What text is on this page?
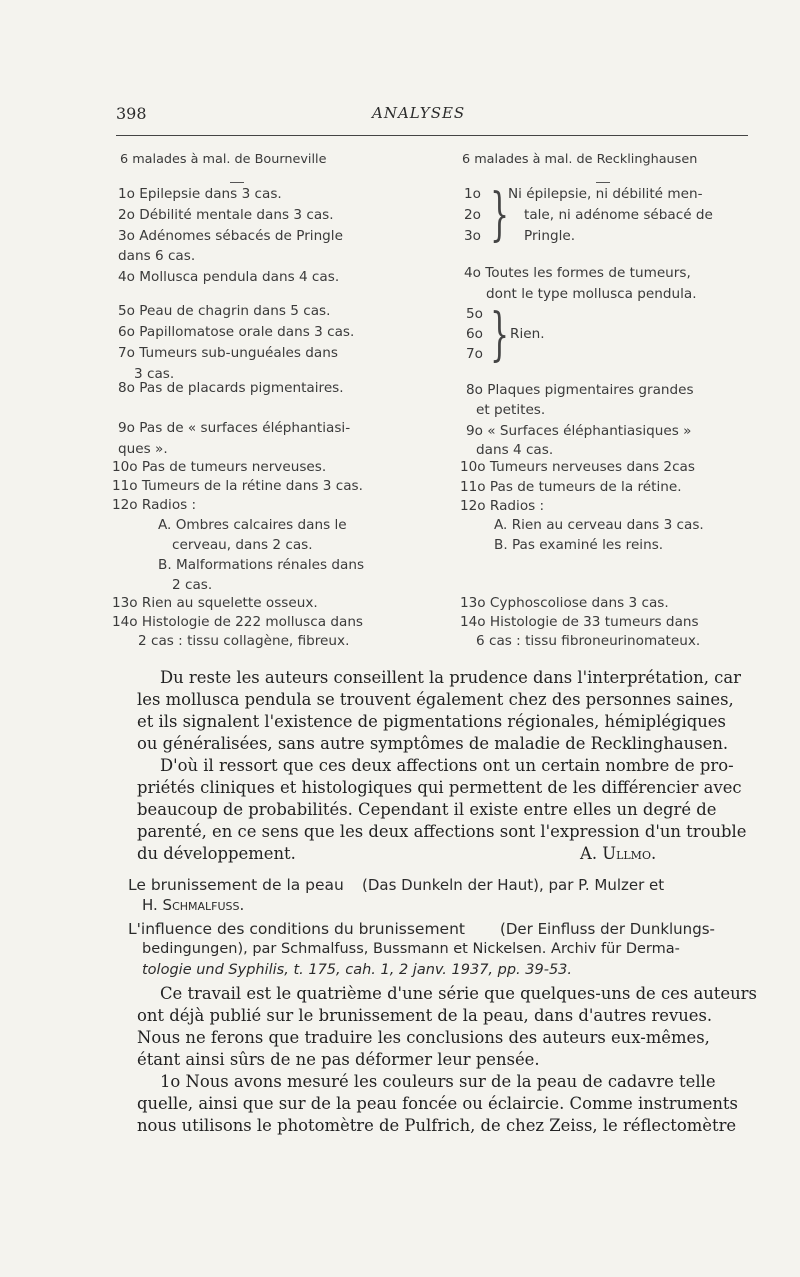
398	ANALYSES
6 malades à mal. de Bourneville
1o Epilepsie dans 3 cas.
2o Débilité mentale dans 3 cas.
3o Adénomes sébacés de Pringle
dans 6 cas.
4o Mollusca pendula dans 4 cas.
5o Peau de chagrin dans 5 cas.
6o Papillomatose orale dans 3 cas.
7o Tumeurs sub-unguéales dans
3 cas.
8o Pas de placards pigmentaires.
9o Pas de « surfaces éléphantiasi-
ques ».
10o Pas de tumeurs nerveuses.
11o Tumeurs de la rétine dans 3 cas.
12o Radios :
A. Ombres calcaires dans le
cerveau, dans 2 cas.
B. Malformations rénales dans
2 cas.
13o Rien au squelette osseux.
14o Histologie de 222 mollusca dans
2 cas : tissu collagène, fibreux.
6 malades à mal. de Recklinghausen
1o
2o
3o }
Ni épilepsie, ni débilité men-
tale, ni adénome sébacé de
Pringle.
4o Toutes les formes de tumeurs,
dont le type mollusca pendula.
5o
6o
7o } Rien.
8o Plaques pigmentaires grandes
et petites.
9o « Surfaces éléphantiasiques »
dans 4 cas.
10o Tumeurs nerveuses dans 2cas
11o Pas de tumeurs de la rétine.
12o Radios :
A. Rien au cerveau dans 3 cas.
B. Pas examiné les reins.
13o Cyphoscoliose dans 3 cas.
14o Histologie de 33 tumeurs dans
6 cas : tissu fibroneurinomateux.
Du reste les auteurs conseillent la prudence dans l'interprétation, car
les mollusca pendula se trouvent également chez des personnes saines,
et ils signalent l'existence de pigmentations régionales, hémiplégiques
ou généralisées, sans autre symptômes de maladie de Recklinghausen.
D'où il ressort que ces deux affections ont un certain nombre de pro-
priétés cliniques et histologiques qui permettent de les différencier avec
beaucoup de probabilités. Cependant il existe entre elles un degré de
parenté, en ce sens que les deux affections sont l'expression d'un trouble
du développement.	A. Ullmo.
Le brunissement de la peau (Das Dunkeln der Haut), par P. Mulzer et
H. Schmalfuss.
L'influence des conditions du brunissement (Der Einfluss der Dunklungs-
bedingungen), par Schmalfuss, Bussmann et Nickelsen. Archiv für Derma-
tologie und Syphilis, t. 175, cah. 1, 2 janv. 1937, pp. 39-53.
Ce travail est le quatrième d'une série que quelques-uns de ces auteurs
ont déjà publié sur le brunissement de la peau, dans d'autres revues.
Nous ne ferons que traduire les conclusions des auteurs eux-mêmes,
étant ainsi sûrs de ne pas déformer leur pensée.
1o Nous avons mesuré les couleurs sur de la peau de cadavre telle
quelle, ainsi que sur de la peau foncée ou éclaircie. Comme instruments
nous utilisons le photomètre de Pulfrich, de chez Zeiss, le réflectomètre
